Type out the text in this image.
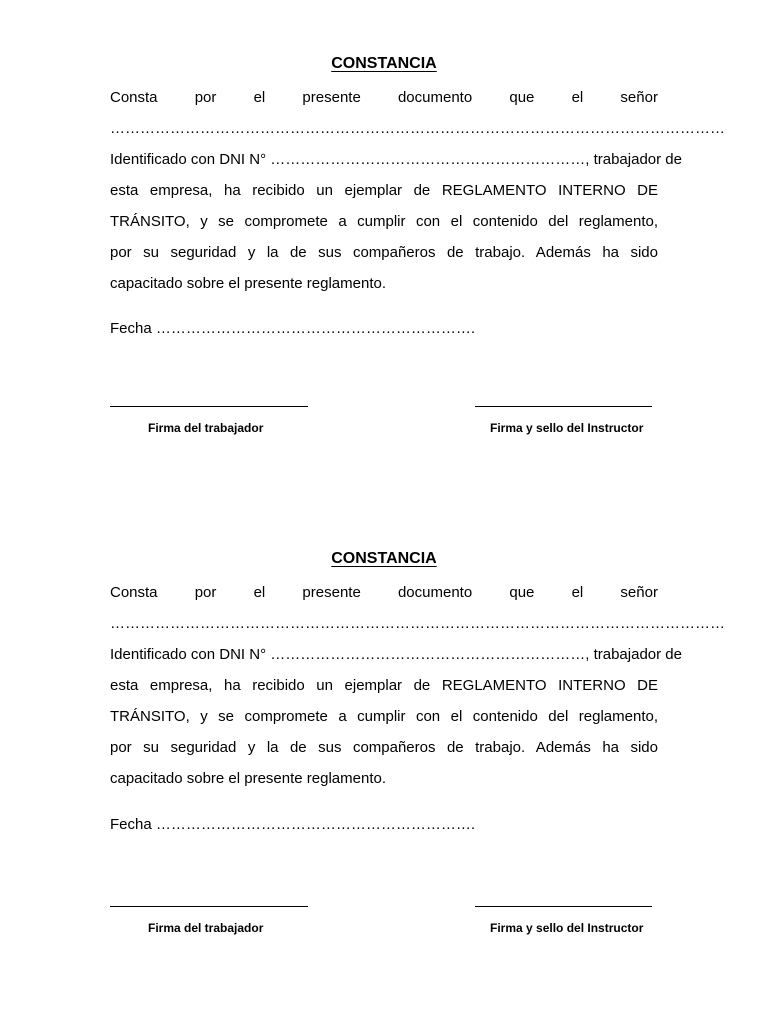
CONSTANCIA
Consta por el presente documento que el señor
……………………………………………………………………………………………………………
Identificado con DNI N° ………………………………………………………, trabajador de
esta empresa, ha recibido un ejemplar de REGLAMENTO INTERNO DE
TRÁNSITO, y se compromete a cumplir con el contenido del reglamento,
por su seguridad y la de sus compañeros de trabajo. Además ha sido
capacitado sobre el presente reglamento.

Fecha ……………………………………………………….

Firma del trabajador	Firma y sello del Instructor
CONSTANCIA
Consta por el presente documento que el señor
……………………………………………………………………………………………………………
Identificado con DNI N° ………………………………………………………, trabajador de
esta empresa, ha recibido un ejemplar de REGLAMENTO INTERNO DE
TRÁNSITO, y se compromete a cumplir con el contenido del reglamento,
por su seguridad y la de sus compañeros de trabajo. Además ha sido
capacitado sobre el presente reglamento.

Fecha ……………………………………………………….

Firma del trabajador	Firma y sello del Instructor
